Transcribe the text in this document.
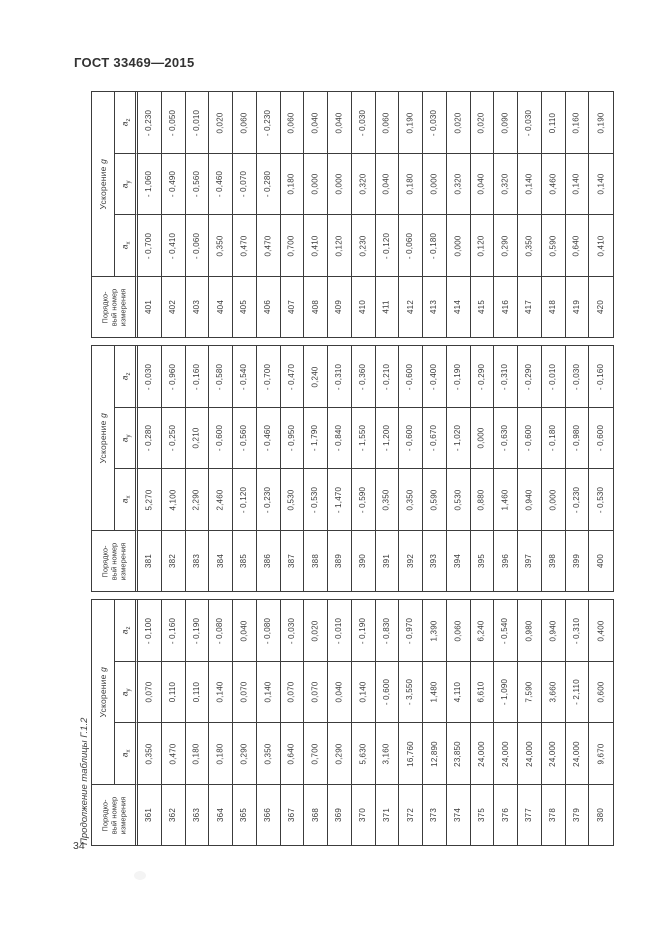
ГОСТ 33469—2015
Ускорение g
$a_z$
$a_y$
$a_x$
Порядко- вый номер измерения
- 0,230
- 1,060
- 0,700
401
- 0,050
- 0,490
- 0,410
402
- 0,010
- 0,560
- 0,060
403
0,020
- 0,460
0,350
404
0,060
- 0,070
0,470
405
- 0,230
- 0,280
0,470
406
0,060
0,180
0,700
407
0,040
0,000
0,410
408
0,040
0,000
0,120
409
- 0,030
0,320
0,230
410
0,060
0,040
- 0,120
411
0,190
0,180
- 0,060
412
- 0,030
0,000
- 0,180
413
0,020
0,320
0,000
414
0,020
0,040
0,120
415
0,090
0,320
0,290
416
- 0,030
0,140
0,350
417
0,110
0,460
0,590
418
0,160
0,140
0,640
419
0,190
0,140
0,410
420
Ускорение g
$a_z$
$a_y$
$a_x$
Порядко- вый номер измерения
- 0,030
- 0,280
5,270
381
- 0,960
- 0,250
4,100
382
- 0,160
0,210
2,290
383
- 0,580
- 0,600
2,460
384
- 0,540
- 0,560
- 0,120
385
- 0,700
- 0,460
- 0,230
386
- 0,470
- 0,950
0,530
387
0,240
- 1,790
- 0,530
388
- 0,310
- 0,840
- 1,470
389
- 0,360
- 1,550
- 0,590
390
- 0,210
- 1,200
0,350
391
- 0,600
- 0,600
0,350
392
- 0,400
- 0,670
0,590
393
- 0,190
- 1,020
0,530
394
- 0,290
0,000
0,880
395
- 0,310
- 0,630
1,460
396
- 0,290
- 0,600
0,940
397
- 0,010
- 0,180
0,000
398
- 0,030
- 0,980
- 0,230
399
- 0,160
- 0,600
- 0,530
400
Ускорение g
$a_z$
$a_y$
$a_x$
Порядко- вый номер измерения
- 0,100
0,070
0,350
361
- 0,160
0,110
0,470
362
- 0,190
0,110
0,180
363
- 0,080
0,140
0,180
364
0,040
0,070
0,290
365
- 0,080
0,140
0,350
366
- 0,030
0,070
0,640
367
0,020
0,070
0,700
368
- 0,010
0,040
0,290
369
- 0,190
0,140
5,630
370
- 0,830
- 0,600
3,160
371
- 0,970
- 3,550
16,760
372
1,390
1,480
12,890
373
0,060
4,110
23,850
374
6,240
6,610
24,000
375
- 0,540
- 1,090
24,000
376
0,980
7,590
24,000
377
0,940
3,660
24,000
378
- 0,310
- 2,110
24,000
379
0,400
0,600
9,670
380
Продолжение таблицы Г.1.2
34
